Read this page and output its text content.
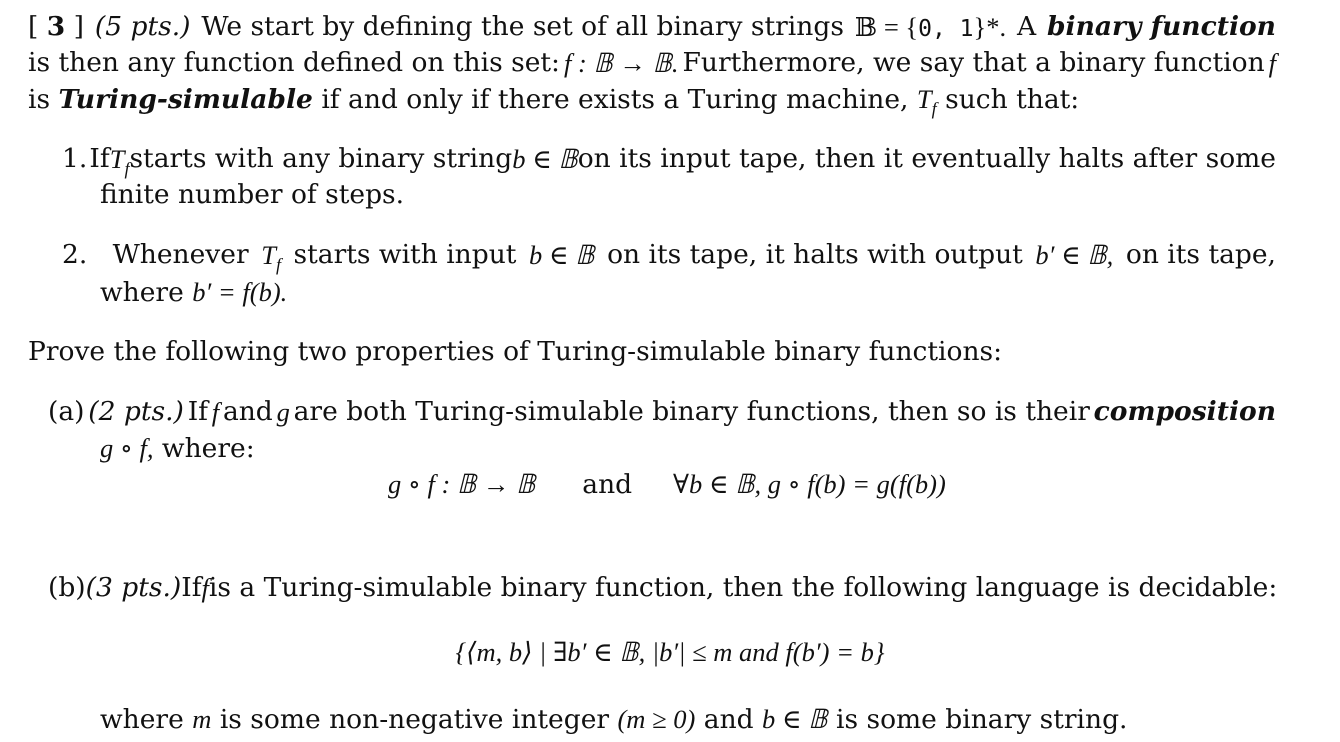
[ 3 ] (5 pts.) We start by defining the set of all binary strings 𝔹 = {0, 1}*. A binary function
is then any function defined on this set: f : 𝔹 → 𝔹. Furthermore, we say that a binary function f
is Turing-simulable if and only if there exists a Turing machine, $T_f$ such that:
1. If $T_f$ starts with any binary string b ∈ 𝔹 on its input tape, then it eventually halts after some
finite number of steps.
2. Whenever $T_f$ starts with input b ∈ 𝔹 on its tape, it halts with output b′ ∈ 𝔹, on its tape,
where b′ = f(b).
Prove the following two properties of Turing-simulable binary functions:
(a) (2 pts.) If f and g are both Turing-simulable binary functions, then so is their composition
g ∘ f, where:
g ∘ f : 𝔹 → 𝔹 and ∀b ∈ 𝔹, g ∘ f(b) = g(f(b))
(b) (3 pts.) If f is a Turing-simulable binary function, then the following language is decidable:
{⟨m, b⟩ | ∃b′ ∈ 𝔹, |b′| ≤ m and f(b′) = b}
where m is some non-negative integer (m ≥ 0) and b ∈ 𝔹 is some binary string.
